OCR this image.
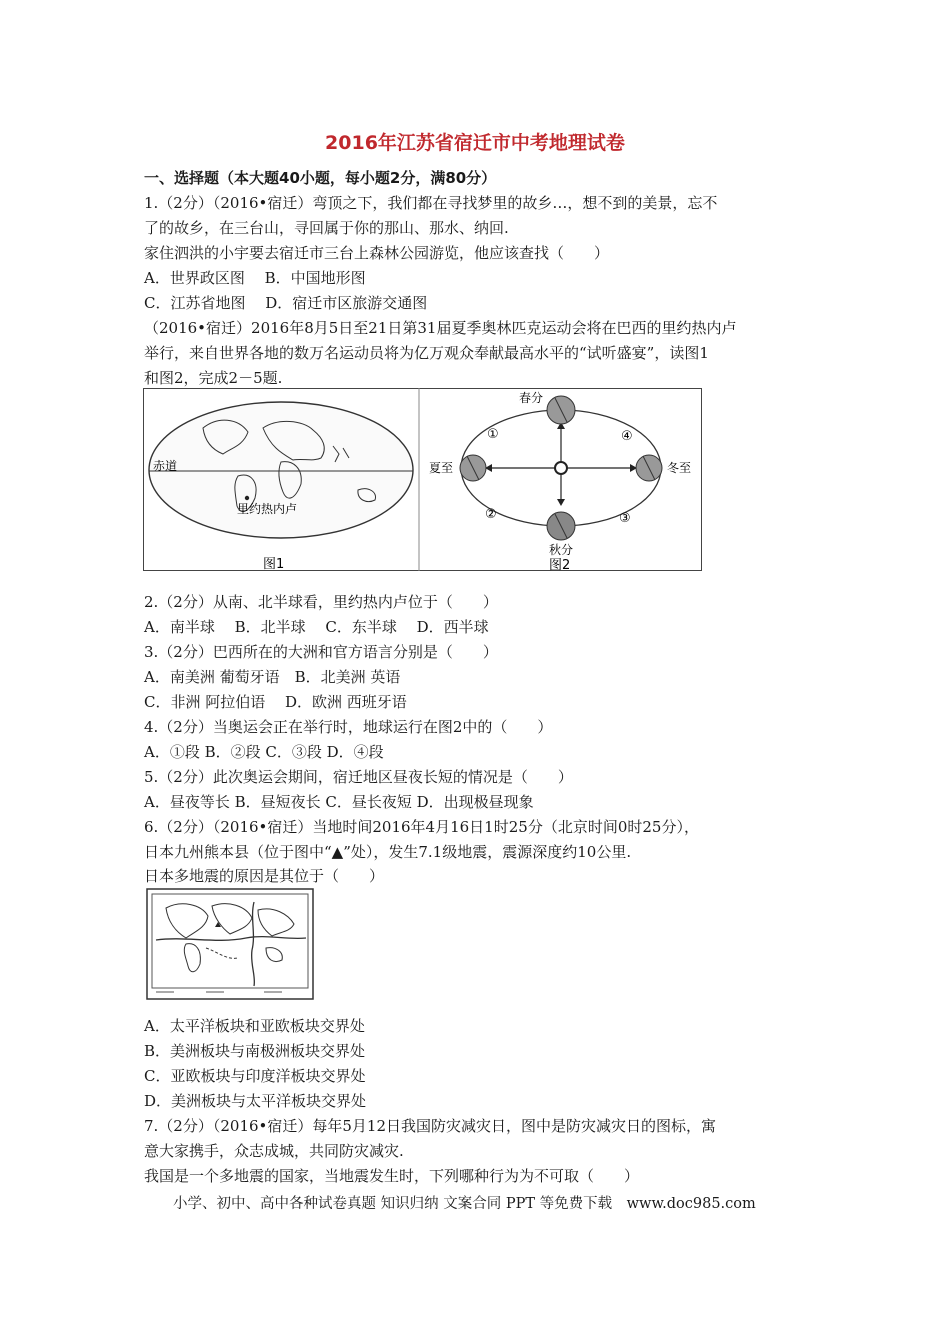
2016年江苏省宿迁市中考地理试卷
一、选择题（本大题40小题，每小题2分，满80分）
1.（2分）（2016•宿迁）弯顶之下，我们都在寻找梦里的故乡…，想不到的美景，忘不
了的故乡，在三台山，寻回属于你的那山、那水、纳回.
家住泗洪的小宇要去宿迁市三台上森林公园游览，他应该查找（　　）
A．世界政区图　 B．中国地形图
C．江苏省地图　 D．宿迁市区旅游交通图
（2016•宿迁）2016年8月5日至21日第31届夏季奥林匹克运动会将在巴西的里约热内卢
举行，来自世界各地的数万名运动员将为亿万观众奉献最高水平的“试听盛宴”，读图1
和图2，完成2－5题.
赤道
里约热内卢
图1
春分
夏至
秋分
冬至
①
②	③
④
图2
2.（2分）从南、北半球看，里约热内卢位于（　　）
A．南半球　 B．北半球　 C．东半球　 D．西半球
3.（2分）巴西所在的大洲和官方语言分别是（　　）
A．南美洲 葡萄牙语　B．北美洲 英语
C．非洲 阿拉伯语　 D．欧洲 西班牙语
4.（2分）当奥运会正在举行时，地球运行在图2中的（　　）
A．①段 B．②段 C．③段 D．④段
5.（2分）此次奥运会期间，宿迁地区昼夜长短的情况是（　　）
A．昼夜等长 B．昼短夜长 C．昼长夜短 D．出现极昼现象
6.（2分）（2016•宿迁）当地时间2016年4月16日1时25分（北京时间0时25分），
日本九州熊本县（位于图中“▲”处），发生7.1级地震，震源深度约10公里.
日本多地震的原因是其位于（　　）
A．太平洋板块和亚欧板块交界处
B．美洲板块与南极洲板块交界处
C．亚欧板块与印度洋板块交界处
D．美洲板块与太平洋板块交界处
7.（2分）（2016•宿迁）每年5月12日我国防灾减灾日，图中是防灾减灾日的图标，寓
意大家携手，众志成城，共同防灾减灾.
我国是一个多地震的国家，当地震发生时，下列哪种行为为不可取（　　）
小学、初中、高中各种试卷真题 知识归纳 文案合同 PPT 等免费下载　www.doc985.com
